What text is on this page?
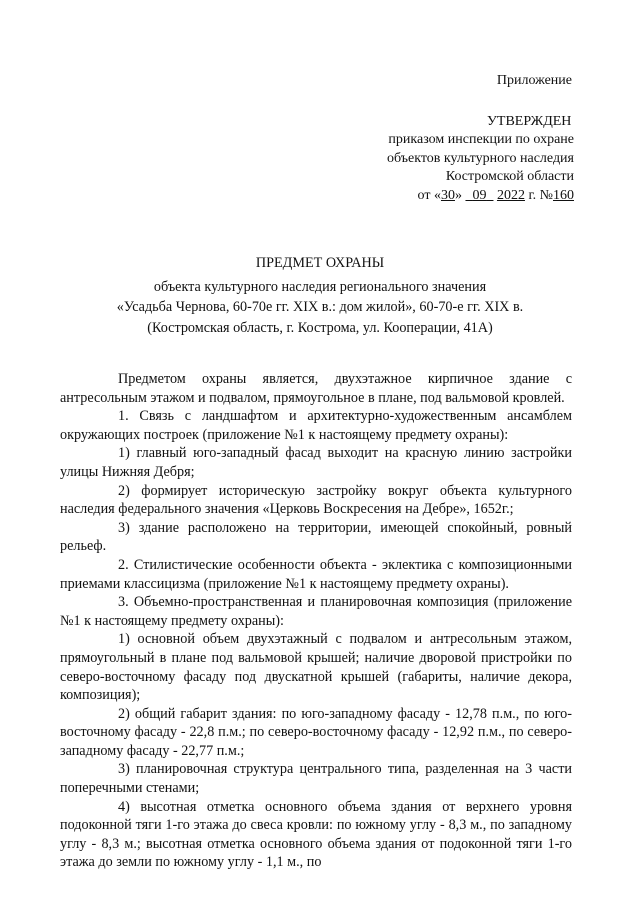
Приложение
УТВЕРЖДЕН
приказом инспекции по охране
объектов культурного наследия
Костромской области
от «30»   09 2022 г. №160
ПРЕДМЕТ ОХРАНЫ
объекта культурного наследия регионального значения
«Усадьба Чернова, 60-70е гг. XIX в.: дом жилой», 60-70-е гг. XIX в.
(Костромская область, г. Кострома, ул. Кооперации, 41А)

Предметом охраны является, двухэтажное кирпичное здание с антресольным этажом и подвалом, прямоугольное в плане, под вальмовой кровлей.

1. Связь с ландшафтом и архитектурно-художественным ансамблем окружающих построек (приложение №1 к настоящему предмету охраны):

1) главный юго-западный фасад выходит на красную линию застройки улицы Нижняя Дебря;

2) формирует историческую застройку вокруг объекта культурного наследия федерального значения «Церковь Воскресения на Дебре», 1652г.;

3) здание расположено на территории, имеющей спокойный, ровный рельеф.

2. Стилистические особенности объекта - эклектика с композиционными приемами классицизма (приложение №1 к настоящему предмету охраны).

3. Объемно-пространственная и планировочная композиция (приложение №1 к настоящему предмету охраны):

1) основной объем двухэтажный с подвалом и антресольным этажом, прямоугольный в плане под вальмовой крышей; наличие дворовой пристройки по северо-восточному фасаду под двускатной крышей (габариты, наличие декора, композиция);

2) общий габарит здания: по юго-западному фасаду - 12,78 п.м., по юго-восточному фасаду - 22,8 п.м.; по северо-восточному фасаду - 12,92 п.м., по северо-западному фасаду - 22,77 п.м.;

3) планировочная структура центрального типа, разделенная на 3 части поперечными стенами;

4) высотная отметка основного объема здания от верхнего уровня подоконной тяги 1-го этажа до свеса кровли: по южному углу - 8,3 м., по западному углу - 8,3 м.; высотная отметка основного объема здания от подоконной тяги 1-го этажа до земли по южному углу - 1,1 м., по
